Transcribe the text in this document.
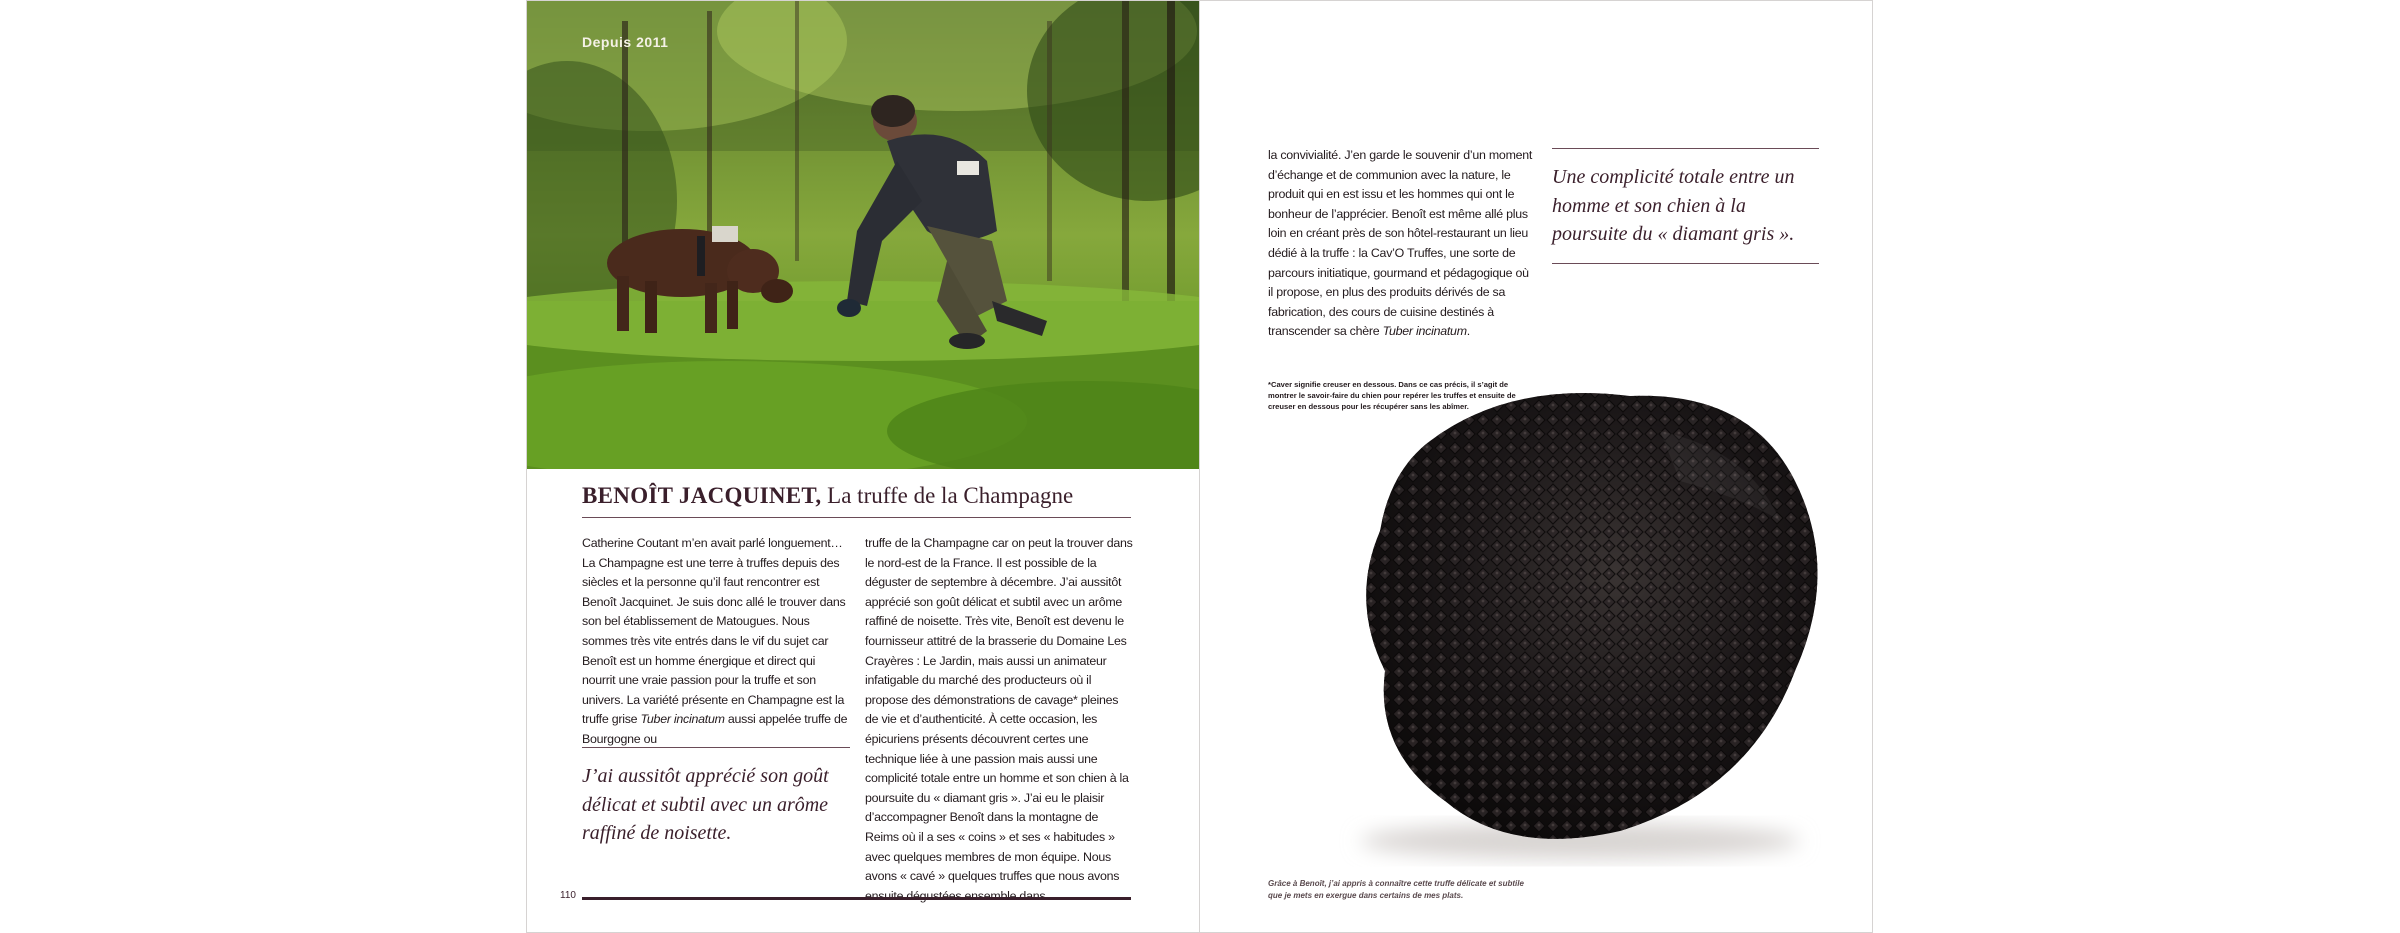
Depuis 2011
BENOÎT JACQUINET, La truffe de la Champagne

Catherine Coutant m’en avait parlé longuement… La Champagne est une terre à truffes depuis des siècles et la personne qu’il faut rencontrer est Benoît Jacquinet. Je suis donc allé le trouver dans son bel établissement de Matougues. Nous sommes très vite entrés dans le vif du sujet car Benoît est un homme énergique et direct qui nourrit une vraie passion pour la truffe et son univers. La variété présente en Champagne est la truffe grise Tuber incinatum aussi appelée truffe de Bourgogne ou

J’ai aussitôt apprécié son goût délicat et subtil avec un arôme raffiné de noisette.

truffe de la Champagne car on peut la trouver dans le nord-est de la France. Il est possible de la déguster de septembre à décembre. J’ai aussitôt apprécié son goût délicat et subtil avec un arôme raffiné de noisette. Très vite, Benoît est devenu le fournisseur attitré de la brasserie du Domaine Les Crayères : Le Jardin, mais aussi un animateur infatigable du marché des producteurs où il propose des démonstrations de cavage* pleines de vie et d’authenticité. À cette occasion, les épicuriens présents découvrent certes une technique liée à une passion mais aussi une complicité totale entre un homme et son chien à la poursuite du « diamant gris ». J’ai eu le plaisir d’accompagner Benoît dans la montagne de Reims où il a ses « coins » et ses « habitudes » avec quelques membres de mon équipe. Nous avons « cavé » quelques truffes que nous avons ensuite dégustées ensemble dans

110

la convivialité. J’en garde le souvenir d’un moment d’échange et de communion avec la nature, le produit qui en est issu et les hommes qui ont le bonheur de l’apprécier. Benoît est même allé plus loin en créant près de son hôtel-restaurant un lieu dédié à la truffe : la Cav’O Truffes, une sorte de parcours initiatique, gourmand et pédagogique où il propose, en plus des produits dérivés de sa fabrication, des cours de cuisine destinés à transcender sa chère Tuber incinatum.

Une complicité totale entre un homme et son chien à la poursuite du « diamant gris ».
*Caver signifie creuser en dessous. Dans ce cas précis, il s’agit de montrer le savoir-faire du chien pour repérer les truffes et ensuite de creuser en dessous pour les récupérer sans les abîmer.
Grâce à Benoît, j’ai appris à connaître cette truffe délicate et subtile que je mets en exergue dans certains de mes plats.
